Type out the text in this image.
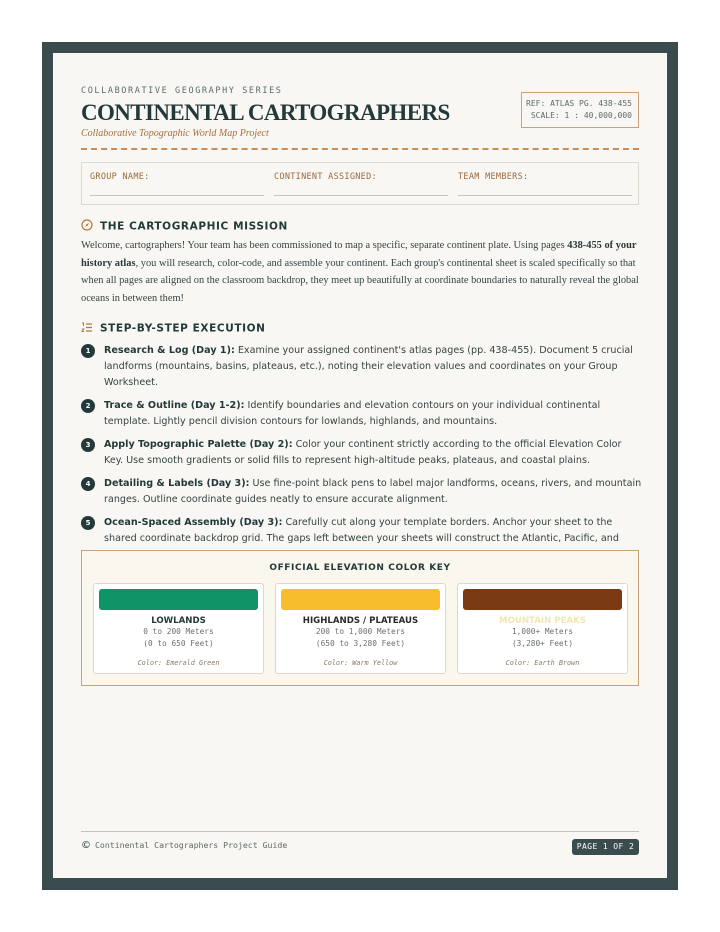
COLLABORATIVE GEOGRAPHY SERIES
CONTINENTAL CARTOGRAPHERS
Collaborative Topographic World Map Project
REF: ATLAS PG. 438-455
SCALE: 1 : 40,000,000
GROUP NAME:	CONTINENT ASSIGNED:	TEAM MEMBERS:
THE CARTOGRAPHIC MISSION
Welcome, cartographers! Your team has been commissioned to map a specific, separate continent plate. Using pages 438-455 of your history atlas, you will research, color-code, and assemble your continent. Each group's continental sheet is scaled specifically so that when all pages are aligned on the classroom backdrop, they meet up beautifully at coordinate boundaries to naturally reveal the global oceans in between them!
STEP-BY-STEP EXECUTION
1	Research & Log (Day 1): Examine your assigned continent's atlas pages (pp. 438-455). Document 5 crucial landforms (mountains, basins, plateaus, etc.), noting their elevation values and coordinates on your Group Worksheet.
2	Trace & Outline (Day 1-2): Identify boundaries and elevation contours on your individual continental template. Lightly pencil division contours for lowlands, highlands, and mountains.
3	Apply Topographic Palette (Day 2): Color your continent strictly according to the official Elevation Color Key. Use smooth gradients or solid fills to represent high-altitude peaks, plateaus, and coastal plains.
4	Detailing & Labels (Day 3): Use fine-point black pens to label major landforms, oceans, rivers, and mountain ranges. Outline coordinate guides neatly to ensure accurate alignment.
5	Ocean-Spaced Assembly (Day 3): Carefully cut along your template borders. Anchor your sheet to the shared coordinate backdrop grid. The gaps left between your sheets will construct the Atlantic, Pacific, and
OFFICIAL ELEVATION COLOR KEY
LOWLANDS
0 to 200 Meters
(0 to 650 Feet)
Color: Emerald Green
HIGHLANDS / PLATEAUS
200 to 1,000 Meters
(650 to 3,280 Feet)
Color: Warm Yellow
MOUNTAIN PEAKS
1,000+ Meters
(3,280+ Feet)
Color: Earth Brown
© Continental Cartographers Project Guide	PAGE 1 OF 2
